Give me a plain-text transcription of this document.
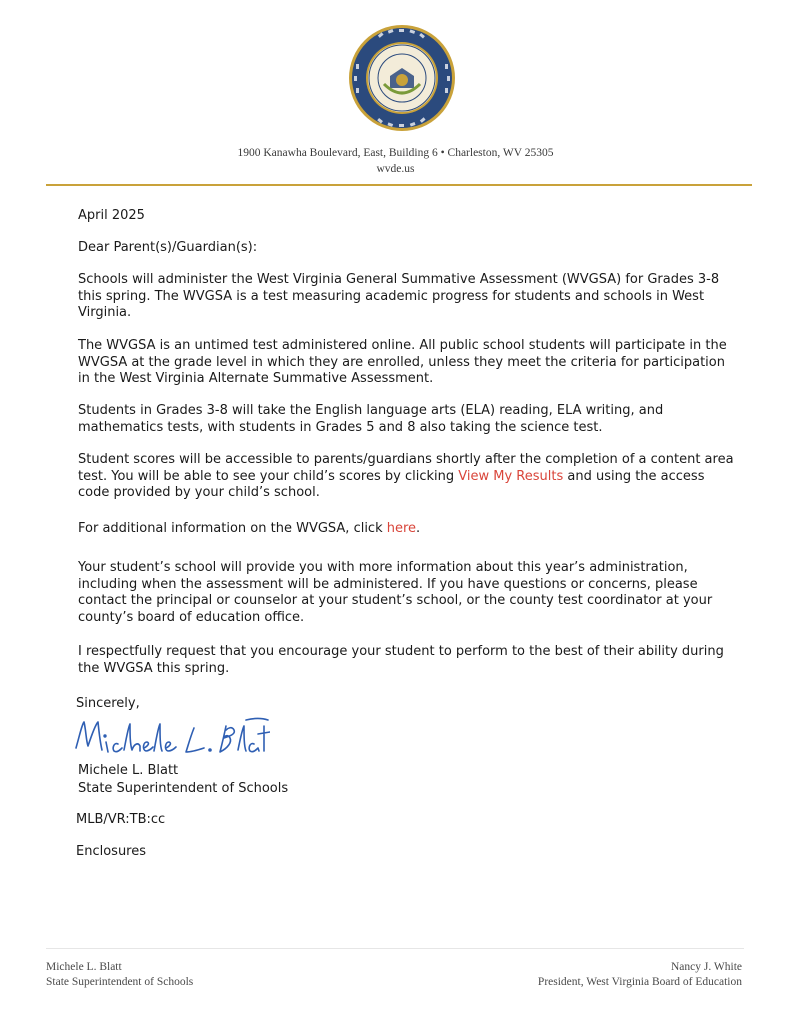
1900 Kanawha Boulevard, East, Building 6 • Charleston, WV 25305
wvde.us
April 2025
Dear Parent(s)/Guardian(s):
Schools will administer the West Virginia General Summative Assessment (WVGSA) for Grades 3-8 this spring. The WVGSA is a test measuring academic progress for students and schools in West Virginia.
The WVGSA is an untimed test administered online. All public school students will participate in the WVGSA at the grade level in which they are enrolled, unless they meet the criteria for participation in the West Virginia Alternate Summative Assessment.
Students in Grades 3-8 will take the English language arts (ELA) reading, ELA writing, and mathematics tests, with students in Grades 5 and 8 also taking the science test.
Student scores will be accessible to parents/guardians shortly after the completion of a content area test. You will be able to see your child’s scores by clicking View My Results and using the access code provided by your child’s school.
For additional information on the WVGSA, click here.
Your student’s school will provide you with more information about this year’s administration, including when the assessment will be administered. If you have questions or concerns, please contact the principal or counselor at your student’s school, or the county test coordinator at your county’s board of education office.
I respectfully request that you encourage your student to perform to the best of their ability during the WVGSA this spring.
Sincerely,
Michele L. Blatt
State Superintendent of Schools
MLB/VR:TB:cc
Enclosures
Michele L. Blatt
State Superintendent of Schools
Nancy J. White
President, West Virginia Board of Education
